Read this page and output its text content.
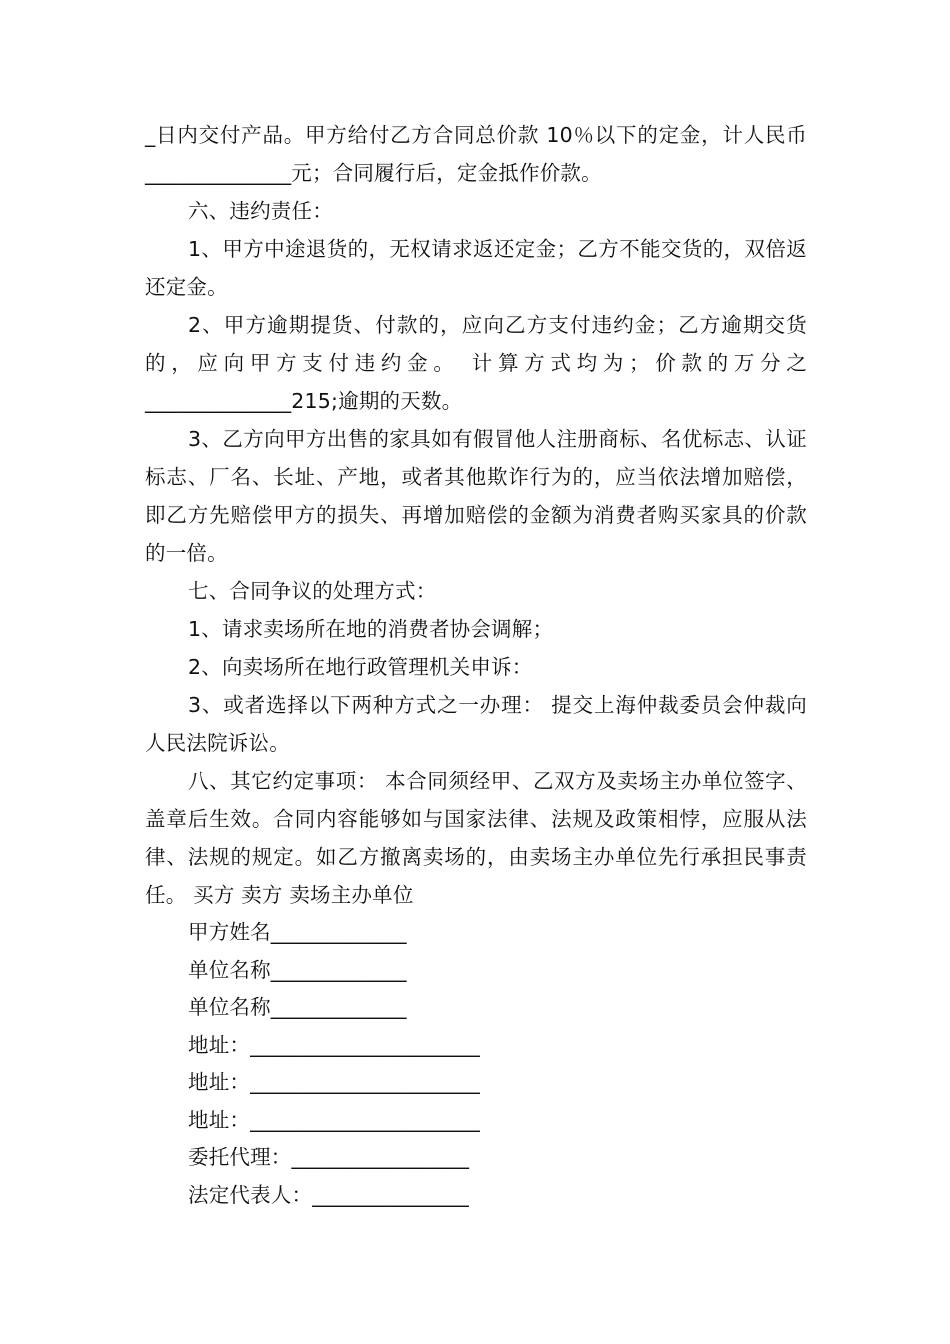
_日内交付产品。甲方给付乙方合同总价款 10％以下的定金，计人民币______________元；合同履行后，定金抵作价款。

六、违约责任：

1、甲方中途退货的，无权请求返还定金；乙方不能交货的，双倍返还定金。

2、甲方逾期提货、付款的，应向乙方支付违约金；乙方逾期交货的，应向甲方支付违约金。 计算方式均为；价款的万分之______________215;逾期的天数。

3、乙方向甲方出售的家具如有假冒他人注册商标、名优标志、认证标志、厂名、长址、产地，或者其他欺诈行为的，应当依法增加赔偿，即乙方先赔偿甲方的损失、再增加赔偿的金额为消费者购买家具的价款的一倍。

七、合同争议的处理方式：

1、请求卖场所在地的消费者协会调解；

2、向卖场所在地行政管理机关申诉：

3、或者选择以下两种方式之一办理： 提交上海仲裁委员会仲裁向人民法院诉讼。

八、其它约定事项： 本合同须经甲、乙双方及卖场主办单位签字、盖章后生效。合同内容能够如与国家法律、法规及政策相悖，应服从法律、法规的规定。如乙方撤离卖场的，由卖场主办单位先行承担民事责任。 买方 卖方 卖场主办单位

甲方姓名_____________

单位名称_____________

单位名称_____________

地址：______________________

地址：______________________

地址：______________________

委托代理：_________________

法定代表人：_______________
